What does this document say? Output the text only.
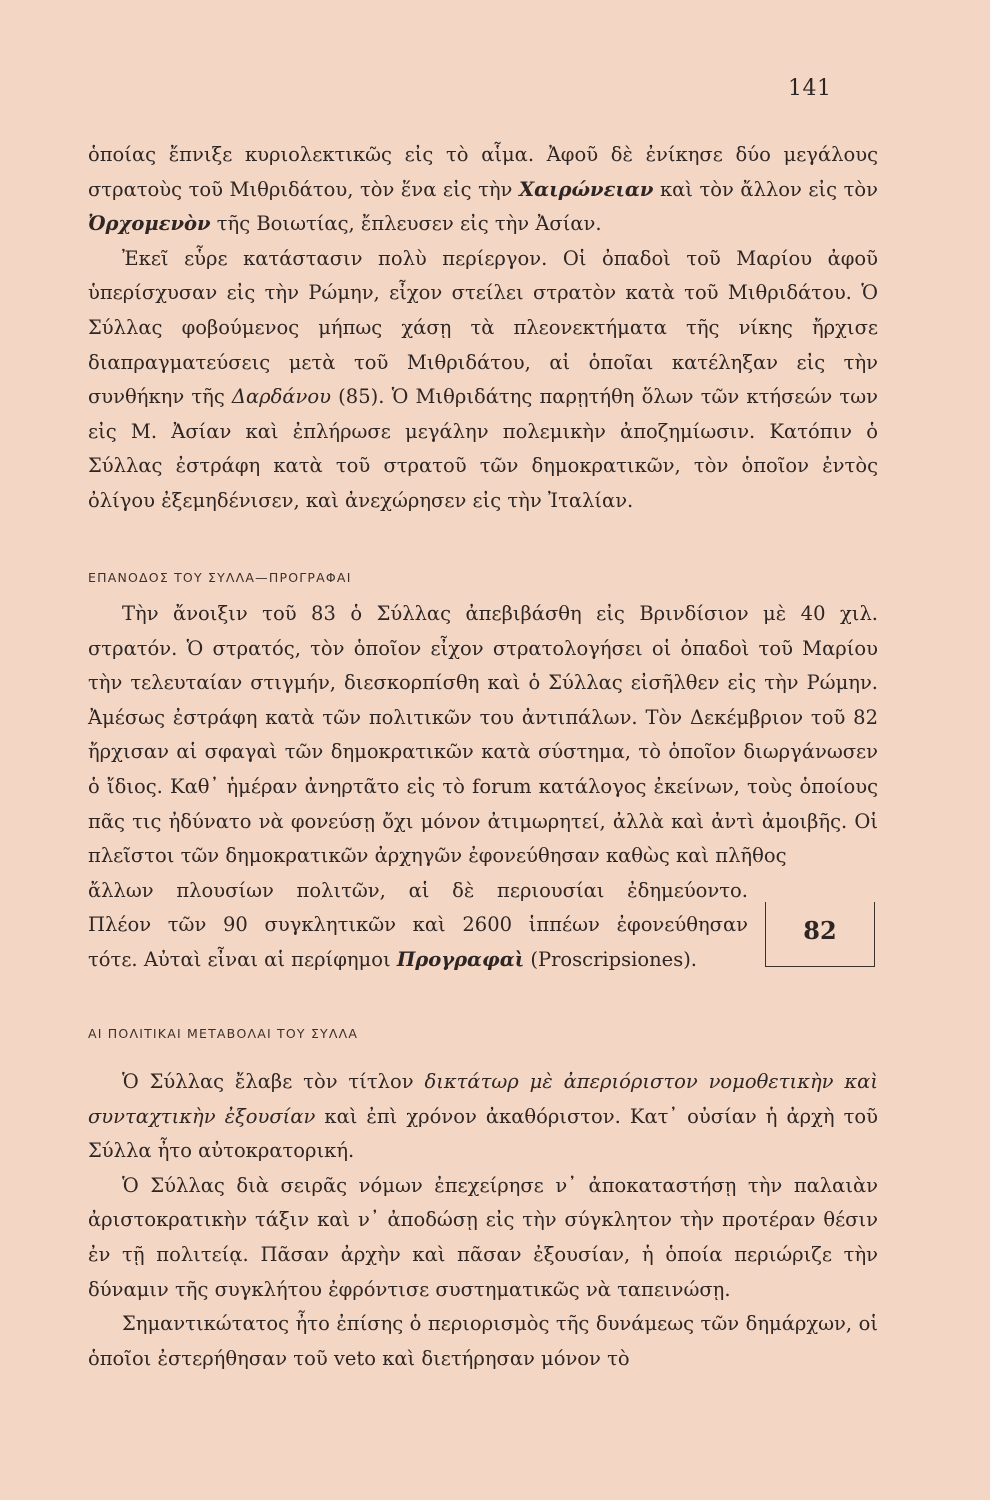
141

ὁποίας ἔπνιξε κυριολεκτικῶς εἰς τὸ αἷμα. Ἀφοῦ δὲ ἐνίκησε δύο μεγάλους στρατοὺς τοῦ Μιθριδάτου, τὸν ἕνα εἰς τὴν Χαιρώνειαν καὶ τὸν ἄλλον εἰς τὸν Ὀρχομενὸν τῆς Βοιωτίας, ἔπλευσεν εἰς τὴν Ἀσίαν.

Ἐκεῖ εὗρε κατάστασιν πολὺ περίεργον. Οἱ ὀπαδοὶ τοῦ Μαρίου ἀφοῦ ὑπερίσχυσαν εἰς τὴν Ρώμην, εἶχον στείλει στρατὸν κατὰ τοῦ Μιθριδάτου. Ὁ Σύλλας φοβούμενος μήπως χάσῃ τὰ πλεονεκτήματα τῆς νίκης ἤρχισε διαπραγματεύσεις μετὰ τοῦ Μιθριδάτου, αἱ ὁποῖαι κατέληξαν εἰς τὴν συνθήκην τῆς Δαρδάνου (85). Ὁ Μιθριδάτης παρῃτήθη ὅλων τῶν κτήσεών των εἰς Μ. Ἀσίαν καὶ ἐπλήρωσε μεγάλην πολεμικὴν ἀποζημίωσιν. Κατόπιν ὁ Σύλλας ἐστράφη κατὰ τοῦ στρατοῦ τῶν δημοκρατικῶν, τὸν ὁποῖον ἐντὸς ὀλίγου ἐξεμηδένισεν, καὶ ἀνεχώρησεν εἰς τὴν Ἰταλίαν.

ΕΠΑΝΟΔΟΣ ΤΟΥ ΣΥΛΛΑ—ΠΡΟΓΡΑΦΑΙ

Τὴν ἄνοιξιν τοῦ 83 ὁ Σύλλας ἀπεβιβάσθη εἰς Βρινδίσιον μὲ 40 χιλ. στρατόν. Ὁ στρατός, τὸν ὁποῖον εἶχον στρατολογήσει οἱ ὀπαδοὶ τοῦ Μαρίου τὴν τελευταίαν στιγμήν, διεσκορπίσθη καὶ ὁ Σύλλας εἰσῆλθεν εἰς τὴν Ρώμην. Ἀμέσως ἐστράφη κατὰ τῶν πολιτικῶν του ἀντιπάλων. Τὸν Δεκέμβριον τοῦ 82 ἤρχισαν αἱ σφαγαὶ τῶν δημοκρατικῶν κατὰ σύστημα, τὸ ὁποῖον διωργάνωσεν ὁ ἴδιος. Καθ᾿ ἡμέραν ἀνηρτᾶτο εἰς τὸ forum κατάλογος ἐκείνων, τοὺς ὁποίους πᾶς τις ἠδύνατο νὰ φονεύσῃ ὄχι μόνον ἀτιμωρητεί, ἀλλὰ καὶ ἀντὶ ἀμοιβῆς. Οἱ πλεῖστοι τῶν δημοκρατικῶν ἀρχηγῶν ἐφονεύθησαν καθὼς καὶ πλῆθος

ἄλλων πλουσίων πολιτῶν, αἱ δὲ περιουσίαι ἐδημεύοντο.

Πλέον τῶν 90 συγκλητικῶν καὶ 2600 ἱππέων ἐφονεύθησαν

τότε. Αὐταὶ εἶναι αἱ περίφημοι Προγραφαὶ (Proscripsiones).

82
ΑΙ ΠΟΛΙΤΙΚΑΙ ΜΕΤΑΒΟΛΑΙ ΤΟΥ ΣΥΛΛΑ

Ὁ Σύλλας ἔλαβε τὸν τίτλον δικτάτωρ μὲ ἀπεριόριστον νομοθετικὴν καὶ συνταχτικὴν ἐξουσίαν καὶ ἐπὶ χρόνον ἀκαθόριστον. Κατ᾿ οὐσίαν ἡ ἀρχὴ τοῦ Σύλλα ἦτο αὐτοκρατορική.

Ὁ Σύλλας διὰ σειρᾶς νόμων ἐπεχείρησε ν᾿ ἀποκαταστήσῃ τὴν παλαιὰν ἀριστοκρατικὴν τάξιν καὶ ν᾿ ἀποδώσῃ εἰς τὴν σύγκλητον τὴν προτέραν θέσιν ἐν τῇ πολιτείᾳ. Πᾶσαν ἀρχὴν καὶ πᾶσαν ἐξουσίαν, ἡ ὁποία περιώριζε τὴν δύναμιν τῆς συγκλήτου ἐφρόντισε συστηματικῶς νὰ ταπεινώσῃ.

Σημαντικώτατος ἦτο ἐπίσης ὁ περιορισμὸς τῆς δυνάμεως τῶν δημάρχων, οἱ ὁποῖοι ἐστερήθησαν τοῦ veto καὶ διετήρησαν μόνον τὸ
